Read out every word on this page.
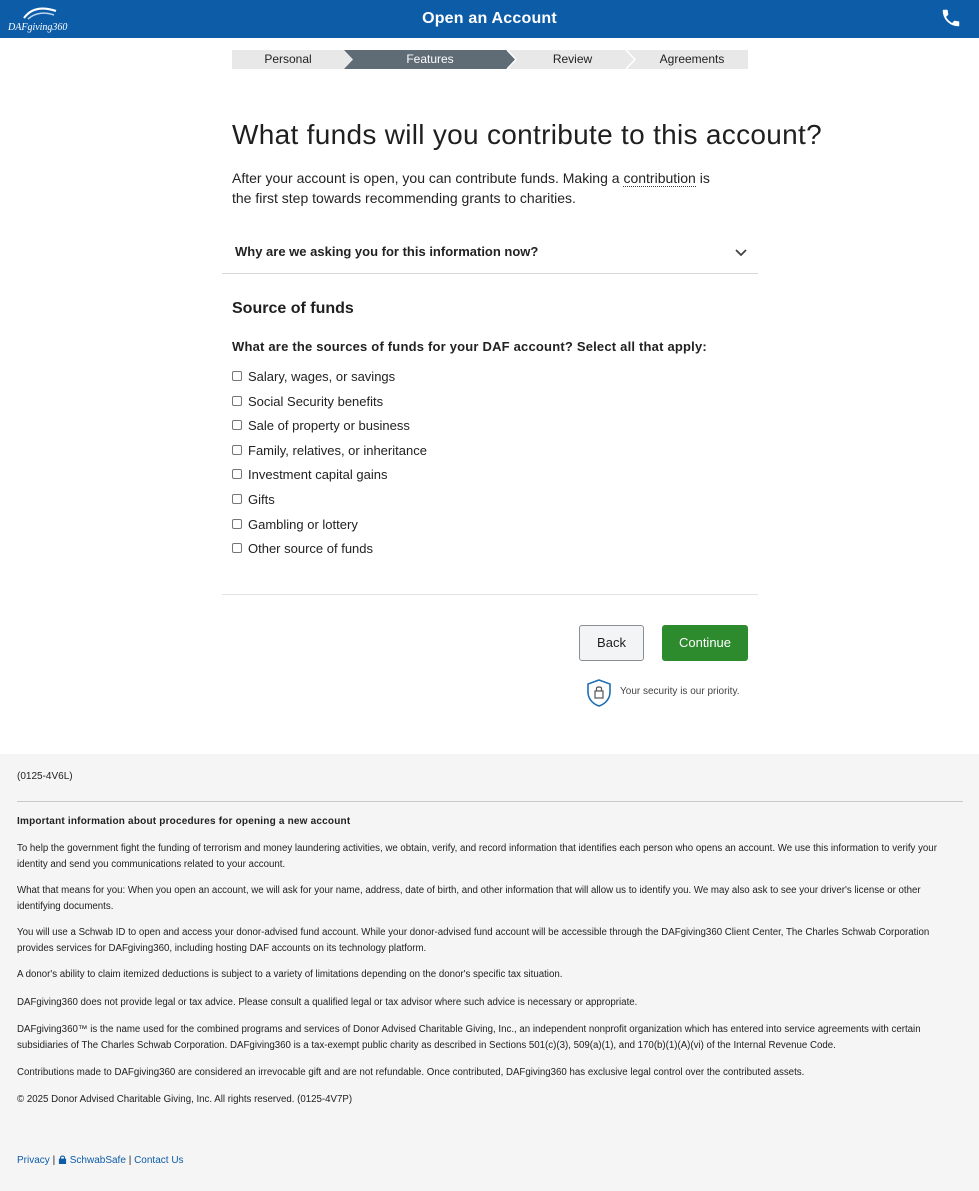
DAFgiving360
Open an Account
Personal	Features	Review	Agreements
What funds will you contribute to this account?

After your account is open, you can contribute funds. Making a contribution is the first step towards recommending grants to charities.

Why are we asking you for this information now?
Source of funds
What are the sources of funds for your DAF account? Select all that apply:
Salary, wages, or savings
Social Security benefits
Sale of property or business
Family, relatives, or inheritance
Investment capital gains
Gifts
Gambling or lottery
Other source of funds
Back	Continue
Your security is our priority.
(0125-4V6L)
Important information about procedures for opening a new account

To help the government fight the funding of terrorism and money laundering activities, we obtain, verify, and record information that identifies each person who opens an account. We use this information to verify your identity and send you communications related to your account.

What that means for you: When you open an account, we will ask for your name, address, date of birth, and other information that will allow us to identify you. We may also ask to see your driver's license or other identifying documents.

You will use a Schwab ID to open and access your donor-advised fund account. While your donor-advised fund account will be accessible through the DAFgiving360 Client Center, The Charles Schwab Corporation provides services for DAFgiving360, including hosting DAF accounts on its technology platform.

A donor's ability to claim itemized deductions is subject to a variety of limitations depending on the donor's specific tax situation.

DAFgiving360 does not provide legal or tax advice. Please consult a qualified legal or tax advisor where such advice is necessary or appropriate.

DAFgiving360™ is the name used for the combined programs and services of Donor Advised Charitable Giving, Inc., an independent nonprofit organization which has entered into service agreements with certain subsidiaries of The Charles Schwab Corporation. DAFgiving360 is a tax-exempt public charity as described in Sections 501(c)(3), 509(a)(1), and 170(b)(1)(A)(vi) of the Internal Revenue Code.

Contributions made to DAFgiving360 are considered an irrevocable gift and are not refundable. Once contributed, DAFgiving360 has exclusive legal control over the contributed assets.

© 2025 Donor Advised Charitable Giving, Inc. All rights reserved. (0125-4V7P)

Privacy | SchwabSafe | Contact Us
